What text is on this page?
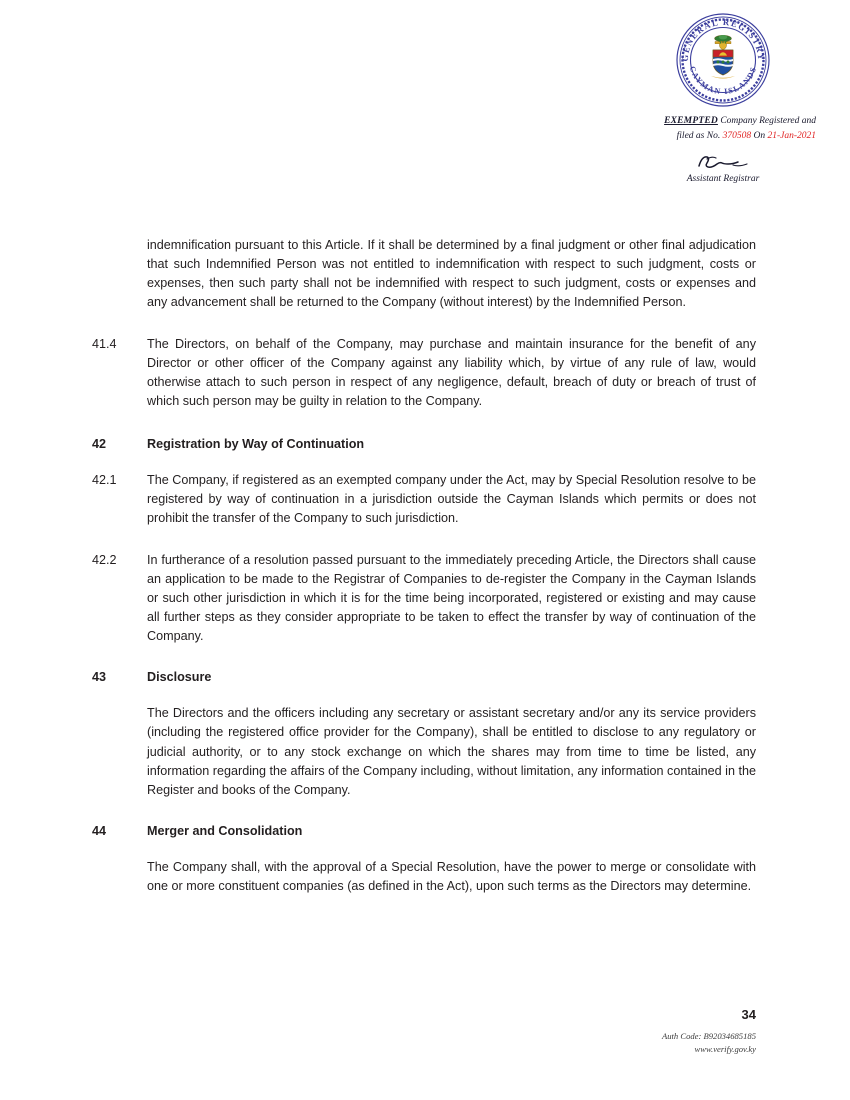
GENERAL REGISTRY
CAYMAN ISLANDS
EXEMPTED Company Registered and
filed as No. 370508 On 21-Jan-2021
Assistant Registrar
indemnification pursuant to this Article. If it shall be determined by a final judgment or other final adjudication that such Indemnified Person was not entitled to indemnification with respect to such judgment, costs or expenses, then such party shall not be indemnified with respect to such judgment, costs or expenses and any advancement shall be returned to the Company (without interest) by the Indemnified Person.
41.4 The Directors, on behalf of the Company, may purchase and maintain insurance for the benefit of any Director or other officer of the Company against any liability which, by virtue of any rule of law, would otherwise attach to such person in respect of any negligence, default, breach of duty or breach of trust of which such person may be guilty in relation to the Company.
42	Registration by Way of Continuation
42.1 The Company, if registered as an exempted company under the Act, may by Special Resolution resolve to be registered by way of continuation in a jurisdiction outside the Cayman Islands which permits or does not prohibit the transfer of the Company to such jurisdiction.
42.2 In furtherance of a resolution passed pursuant to the immediately preceding Article, the Directors shall cause an application to be made to the Registrar of Companies to de-register the Company in the Cayman Islands or such other jurisdiction in which it is for the time being incorporated, registered or existing and may cause all further steps as they consider appropriate to be taken to effect the transfer by way of continuation of the Company.
43	Disclosure
The Directors and the officers including any secretary or assistant secretary and/or any its service providers (including the registered office provider for the Company), shall be entitled to disclose to any regulatory or judicial authority, or to any stock exchange on which the shares may from time to time be listed, any information regarding the affairs of the Company including, without limitation, any information contained in the Register and books of the Company.
44	Merger and Consolidation
The Company shall, with the approval of a Special Resolution, have the power to merge or consolidate with one or more constituent companies (as defined in the Act), upon such terms as the Directors may determine.
34
Auth Code: B92034685185
www.verify.gov.ky
